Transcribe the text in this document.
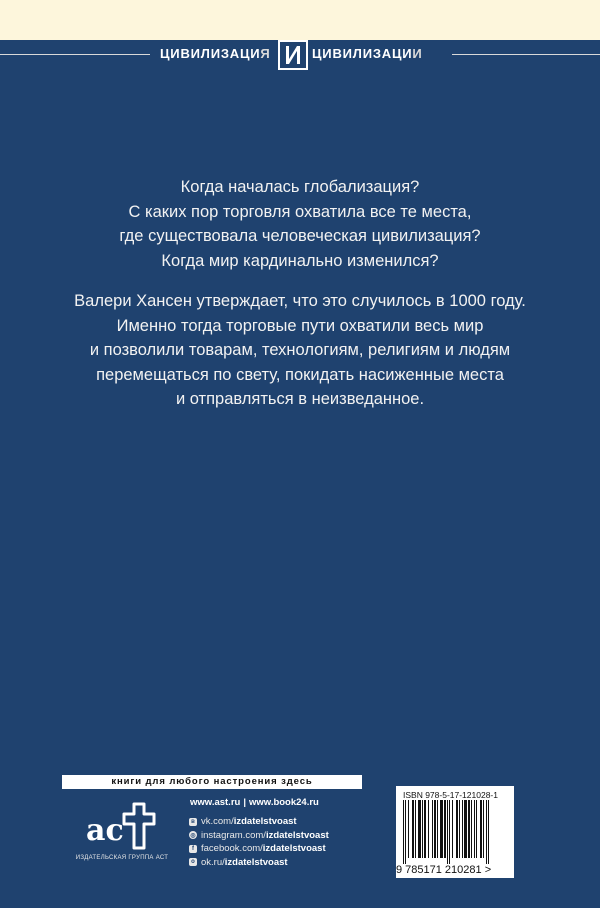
ЦИВИЛИЗАЦИЯ	ЦИВИЛИЗАЦИИ
Когда началась глобализация?
С каких пор торговля охватила все те места,
где существовала человеческая цивилизация?
Когда мир кардинально изменился?
Валери Хансен утверждает, что это случилось в 1000 году.
Именно тогда торговые пути охватили весь мир
и позволили товарам, технологиям, религиям и людям
перемещаться по свету, покидать насиженные места
и отправляться в неизведанное.
книги для любого настроения здесь
ac
ИЗДАТЕЛЬСКАЯ ГРУППА АСТ
www.ast.ru | www.book24.ru
в vk.com/ izdatelstvoast
◎ instagram.com/ izdatelstvoast
f facebook.com/ izdatelstvoast
о ok.ru/ izdatelstvoast
ISBN 978-5-17-121028-1
9 785171 210281 >
